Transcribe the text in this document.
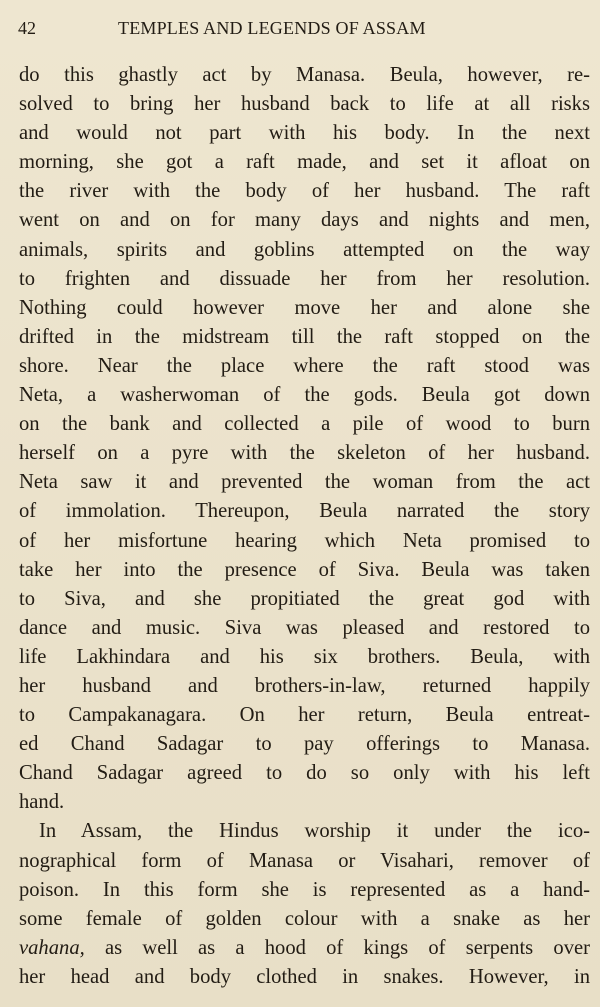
42	TEMPLES AND LEGENDS OF ASSAM
do this ghastly act by Manasa. Beula, however, re-
solved to bring her husband back to life at all risks
and would not part with his body. In the next
morning, she got a raft made, and set it afloat on
the river with the body of her husband. The raft
went on and on for many days and nights and men,
animals, spirits and goblins attempted on the way
to frighten and dissuade her from her resolution.
Nothing could however move her and alone she
drifted in the midstream till the raft stopped on the
shore. Near the place where the raft stood was
Neta, a washerwoman of the gods. Beula got down
on the bank and collected a pile of wood to burn
herself on a pyre with the skeleton of her husband.
Neta saw it and prevented the woman from the act
of immolation. Thereupon, Beula narrated the story
of her misfortune hearing which Neta promised to
take her into the presence of Siva. Beula was taken
to Siva, and she propitiated the great god with
dance and music. Siva was pleased and restored to
life Lakhindara and his six brothers. Beula, with
her husband and brothers-in-law, returned happily
to Campakanagara. On her return, Beula entreat-
ed Chand Sadagar to pay offerings to Manasa.
Chand Sadagar agreed to do so only with his left
hand.
In Assam, the Hindus worship it under the ico-
nographical form of Manasa or Visahari, remover of
poison. In this form she is represented as a hand-
some female of golden colour with a snake as her
vahana, as well as a hood of kings of serpents over
her head and body clothed in snakes. However, in
